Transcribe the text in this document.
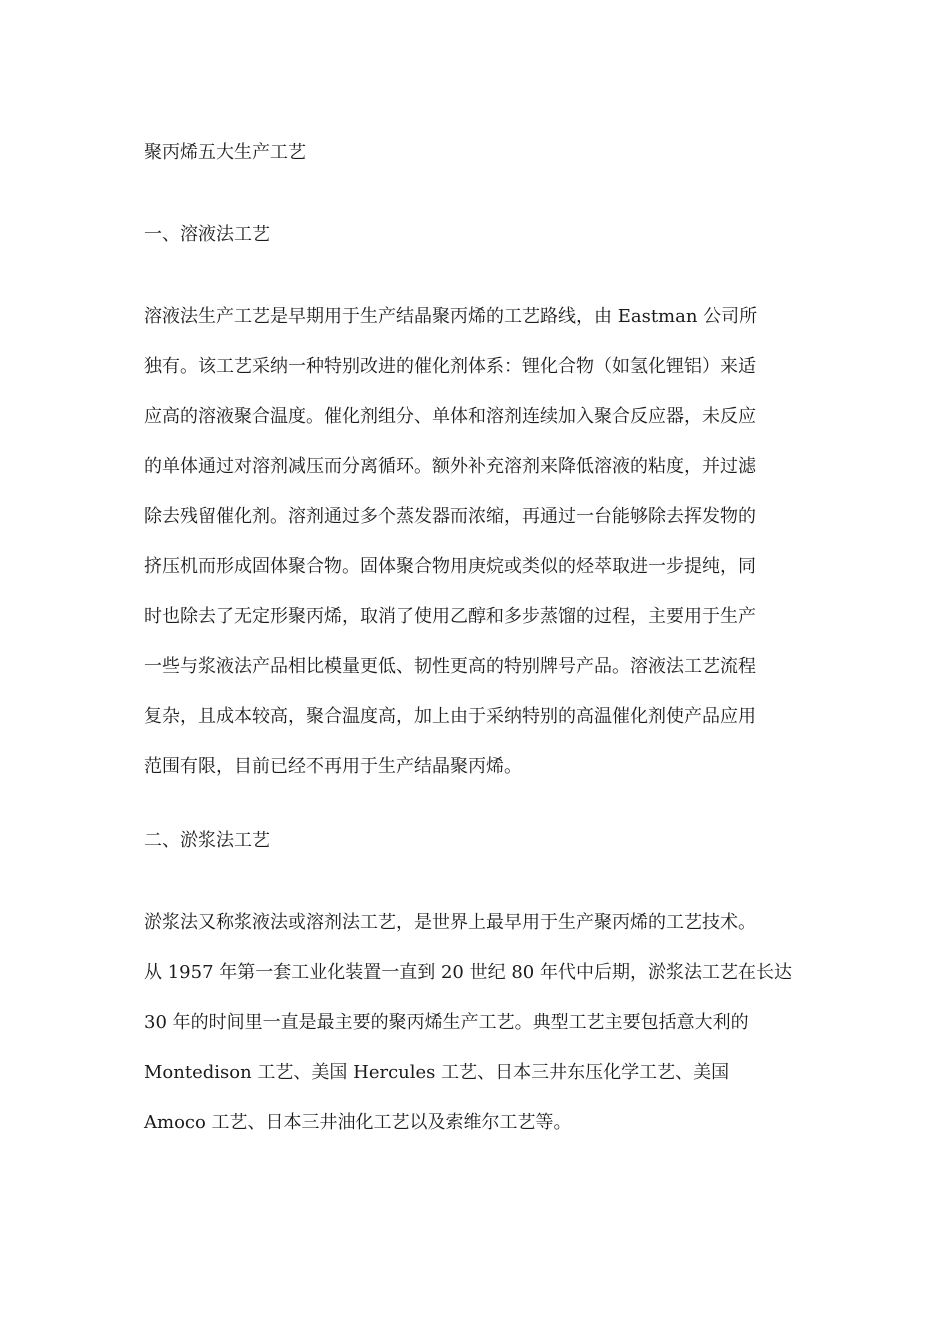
聚丙烯五大生产工艺
一、溶液法工艺
溶液法生产工艺是早期用于生产结晶聚丙烯的工艺路线，由 Eastman 公司所
独有。该工艺采纳一种特别改进的催化剂体系：锂化合物（如氢化锂铝）来适
应高的溶液聚合温度。催化剂组分、单体和溶剂连续加入聚合反应器，未反应
的单体通过对溶剂减压而分离循环。额外补充溶剂来降低溶液的粘度，并过滤
除去残留催化剂。溶剂通过多个蒸发器而浓缩，再通过一台能够除去挥发物的
挤压机而形成固体聚合物。固体聚合物用庚烷或类似的烃萃取进一步提纯，同
时也除去了无定形聚丙烯，取消了使用乙醇和多步蒸馏的过程，主要用于生产
一些与浆液法产品相比模量更低、韧性更高的特别牌号产品。溶液法工艺流程
复杂，且成本较高，聚合温度高，加上由于采纳特别的高温催化剂使产品应用
范围有限，目前已经不再用于生产结晶聚丙烯。
二、淤浆法工艺
淤浆法又称浆液法或溶剂法工艺，是世界上最早用于生产聚丙烯的工艺技术。
从 1957 年第一套工业化装置一直到 20 世纪 80 年代中后期，淤浆法工艺在长达
30 年的时间里一直是最主要的聚丙烯生产工艺。典型工艺主要包括意大利的
Montedison 工艺、美国 Hercules 工艺、日本三井东压化学工艺、美国
Amoco 工艺、日本三井油化工艺以及索维尔工艺等。
